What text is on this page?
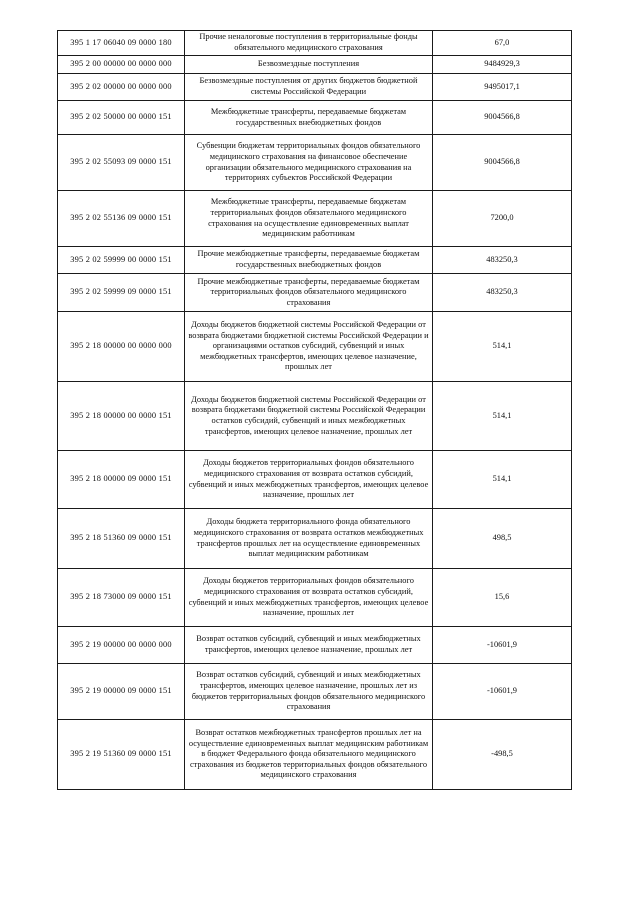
395 1 17 06040 09 0000 180	Прочие неналоговые поступления в территориальные фонды обязательного медицинского страхования	67,0
395 2 00 00000 00 0000 000	Безвозмездные поступления	9484929,3
395 2 02 00000 00 0000 000	Безвозмездные поступления от других бюджетов бюджетной системы Российской Федерации	9495017,1
395 2 02 50000 00 0000 151	Межбюджетные трансферты, передаваемые бюджетам государственных внебюджетных фондов	9004566,8
395 2 02 55093 09 0000 151	Субвенции бюджетам территориальных фондов обязательного медицинского страхования на финансовое обеспечение организации обязательного медицинского страхования на территориях субъектов Российской Федерации	9004566,8
395 2 02 55136 09 0000 151	Межбюджетные трансферты, передаваемые бюджетам территориальных фондов обязательного медицинского страхования на осуществление единовременных выплат медицинским работникам	7200,0
395 2 02 59999 00 0000 151	Прочие межбюджетные трансферты, передаваемые бюджетам государственных внебюджетных фондов	483250,3
395 2 02 59999 09 0000 151	Прочие межбюджетные трансферты, передаваемые бюджетам территориальных фондов обязательного медицинского страхования	483250,3
395 2 18 00000 00 0000 000	Доходы бюджетов бюджетной системы Российской Федерации от возврата бюджетами бюджетной системы Российской Федерации и организациями остатков субсидий, субвенций и иных межбюджетных трансфертов, имеющих целевое назначение, прошлых лет	514,1
395 2 18 00000 00 0000 151	Доходы бюджетов бюджетной системы Российской Федерации от возврата бюджетами бюджетной системы Российской Федерации остатков субсидий, субвенций и иных межбюджетных трансфертов, имеющих целевое назначение, прошлых лет	514,1
395 2 18 00000 09 0000 151	Доходы бюджетов территориальных фондов обязательного медицинского страхования от возврата остатков субсидий, субвенций и иных межбюджетных трансфертов, имеющих целевое назначение, прошлых лет	514,1
395 2 18 51360 09 0000 151	Доходы бюджета территориального фонда обязательного медицинского страхования от возврата остатков межбюджетных трансфертов прошлых лет на осуществление единовременных выплат медицинским работникам	498,5
395 2 18 73000 09 0000 151	Доходы бюджетов территориальных фондов обязательного медицинского страхования от возврата остатков субсидий, субвенций и иных межбюджетных трансфертов, имеющих целевое назначение, прошлых лет	15,6
395 2 19 00000 00 0000 000	Возврат остатков субсидий, субвенций и иных межбюджетных трансфертов, имеющих целевое назначение, прошлых лет	-10601,9
395 2 19 00000 09 0000 151	Возврат остатков субсидий, субвенций и иных межбюджетных трансфертов, имеющих целевое назначение, прошлых лет из бюджетов территориальных фондов обязательного медицинского страхования	-10601,9
395 2 19 51360 09 0000 151	Возврат остатков межбюджетных трансфертов прошлых лет на осуществление единовременных выплат медицинским работникам в бюджет Федерального фонда обязательного медицинского страхования из бюджетов территориальных фондов обязательного медицинского страхования	-498,5
